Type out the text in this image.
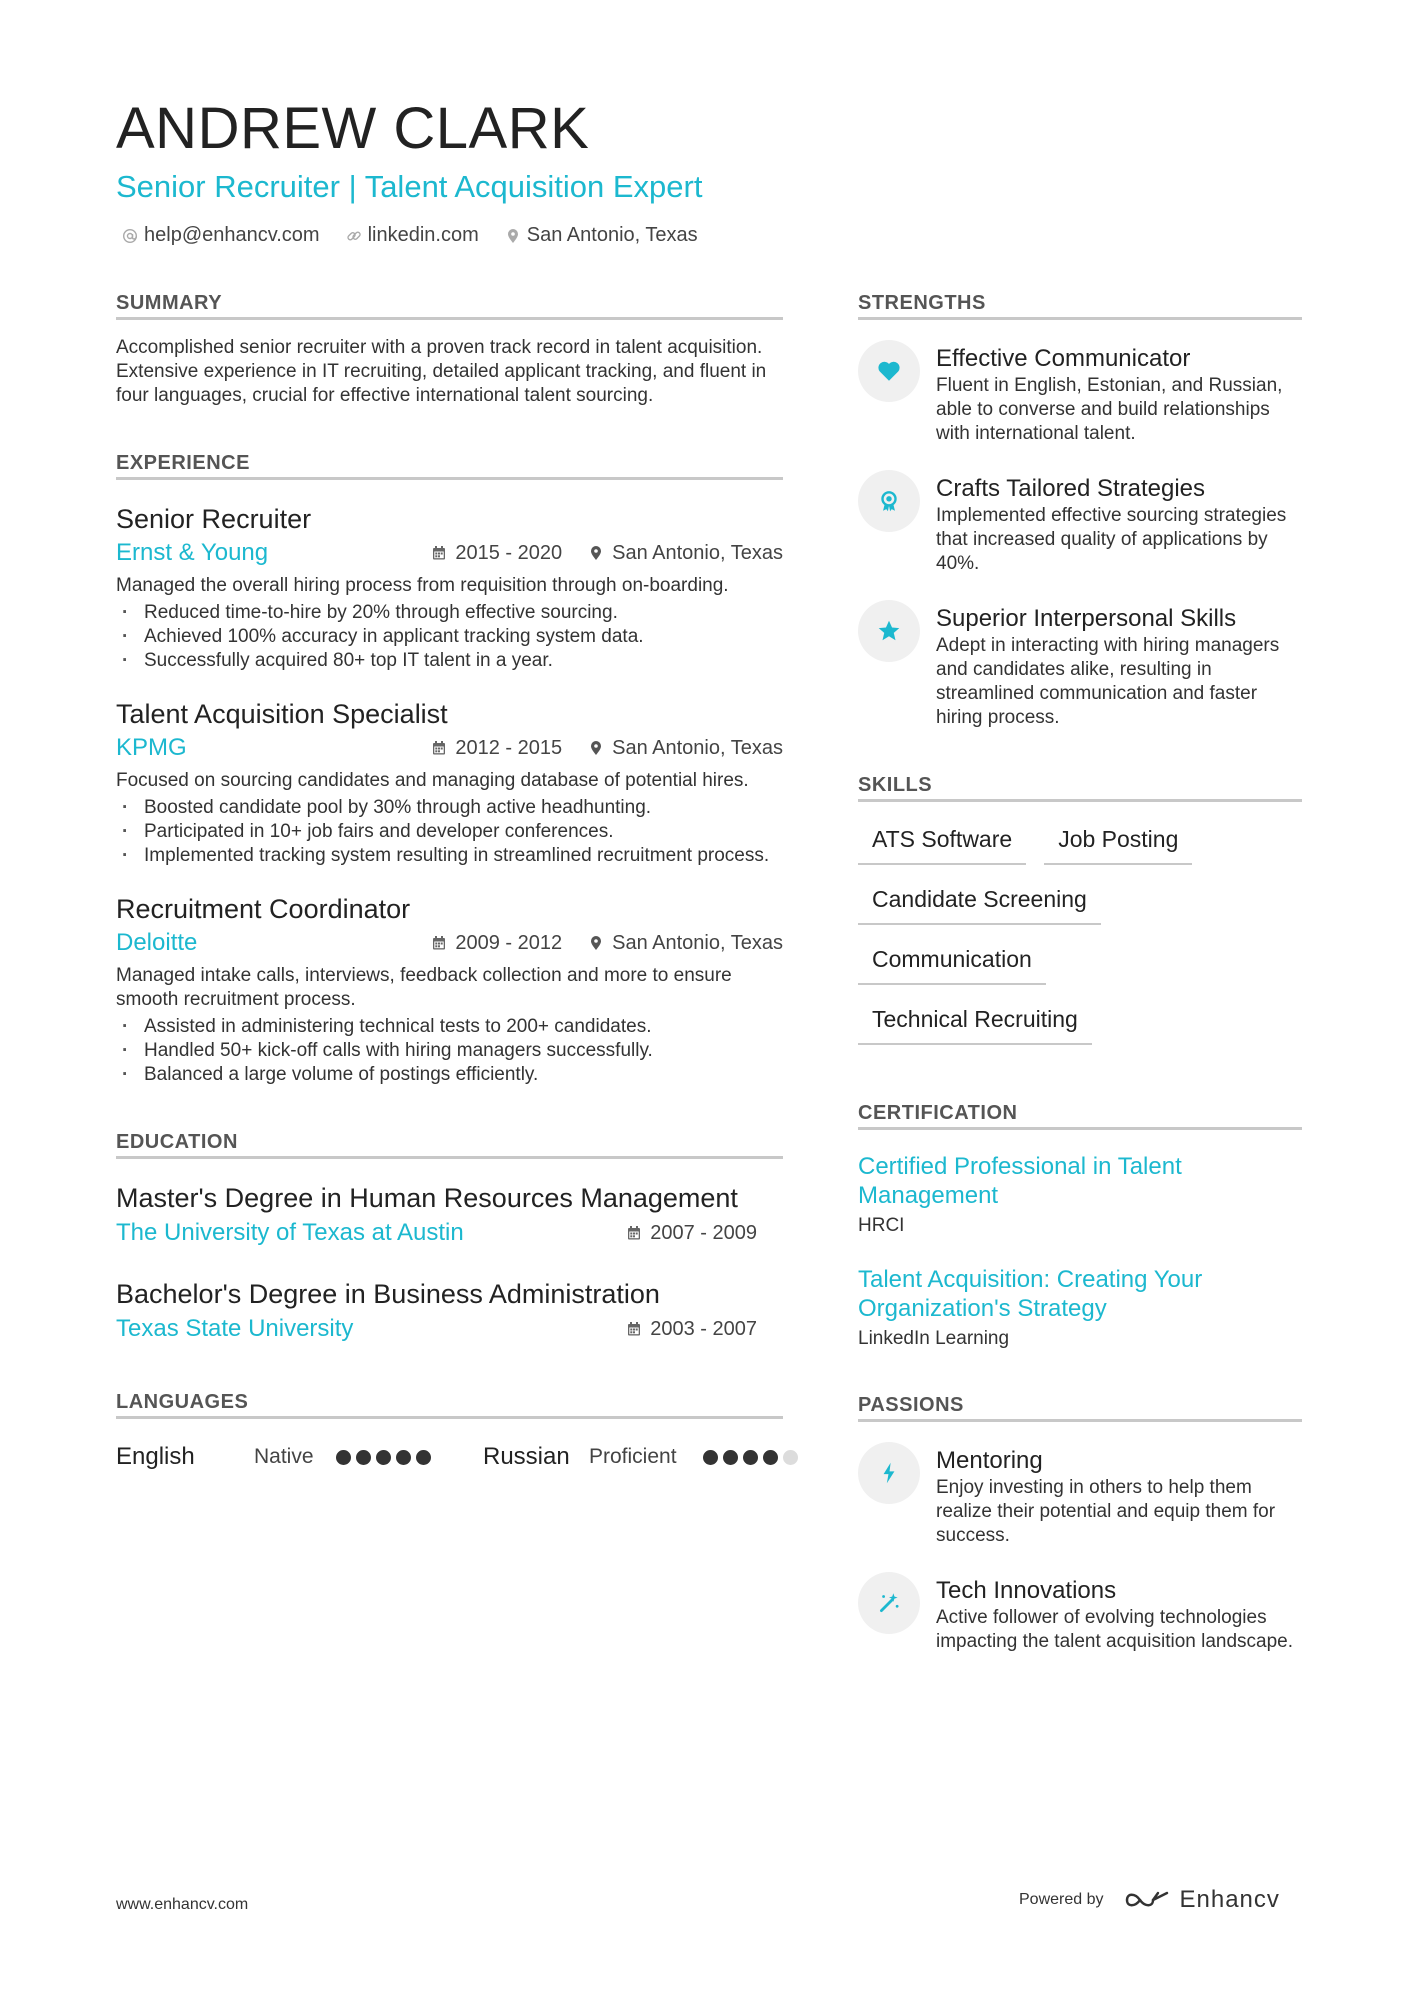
ANDREW CLARK
Senior Recruiter | Talent Acquisition Expert
help@enhancv.com linkedin.com San Antonio, Texas
SUMMARY
Accomplished senior recruiter with a proven track record in talent acquisition. Extensive experience in IT recruiting, detailed applicant tracking, and fluent in four languages, crucial for effective international talent sourcing.
EXPERIENCE
Senior Recruiter
Ernst & Young	2015 - 2020	San Antonio, Texas
Managed the overall hiring process from requisition through on-boarding.
· Reduced time-to-hire by 20% through effective sourcing.
· Achieved 100% accuracy in applicant tracking system data.
· Successfully acquired 80+ top IT talent in a year.
Talent Acquisition Specialist
KPMG	2012 - 2015	San Antonio, Texas
Focused on sourcing candidates and managing database of potential hires.
· Boosted candidate pool by 30% through active headhunting.
· Participated in 10+ job fairs and developer conferences.
· Implemented tracking system resulting in streamlined recruitment process.
Recruitment Coordinator
Deloitte	2009 - 2012	San Antonio, Texas
Managed intake calls, interviews, feedback collection and more to ensure smooth recruitment process.
· Assisted in administering technical tests to 200+ candidates.
· Handled 50+ kick-off calls with hiring managers successfully.
· Balanced a large volume of postings efficiently.
EDUCATION
Master's Degree in Human Resources Management
The University of Texas at Austin	2007 - 2009
Bachelor's Degree in Business Administration
Texas State University	2003 - 2007
LANGUAGES
English	Native	Russian Proficient
STRENGTHS
Effective Communicator
Fluent in English, Estonian, and Russian, able to converse and build relationships with international talent.
Crafts Tailored Strategies
Implemented effective sourcing strategies that increased quality of applications by 40%.
Superior Interpersonal Skills
Adept in interacting with hiring managers and candidates alike, resulting in streamlined communication and faster hiring process.
SKILLS
ATS Software	Job Posting
Candidate Screening
Communication
Technical Recruiting
CERTIFICATION
Certified Professional in Talent Management
HRCI
Talent Acquisition: Creating Your Organization's Strategy
LinkedIn Learning
PASSIONS
Mentoring
Enjoy investing in others to help them realize their potential and equip them for success.
Tech Innovations
Active follower of evolving technologies impacting the talent acquisition landscape.
www.enhancv.com	Powered by	Enhancv
